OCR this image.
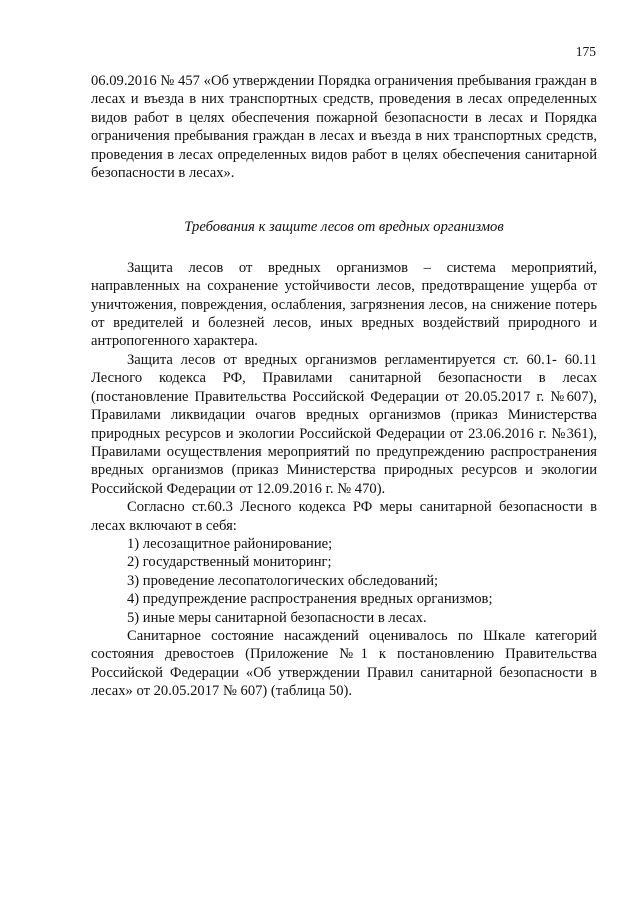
175

06.09.2016 № 457 «Об утверждении Порядка ограничения пребывания граждан в лесах и въезда в них транспортных средств, проведения в лесах определенных видов работ в целях обеспечения пожарной безопасности в лесах и Порядка ограничения пребывания граждан в лесах и въезда в них транспортных средств, проведения в лесах определенных видов работ в целях обеспечения санитарной безопасности в лесах».

Требования к защите лесов от вредных организмов

Защита лесов от вредных организмов – система мероприятий, направленных на сохранение устойчивости лесов, предотвращение ущерба от уничтожения, повреждения, ослабления, загрязнения лесов, на снижение потерь от вредителей и болезней лесов, иных вредных воздействий природного и антропогенного характера.

Защита лесов от вредных организмов регламентируется ст. 60.1- 60.11 Лесного кодекса РФ, Правилами санитарной безопасности в лесах (постановление Правительства Российской Федерации от 20.05.2017 г. №607), Правилами ликвидации очагов вредных организмов (приказ Министерства природных ресурсов и экологии Российской Федерации от 23.06.2016 г. №361), Правилами осуществления мероприятий по предупреждению распространения вредных организмов (приказ Министерства природных ресурсов и экологии Российской Федерации от 12.09.2016 г. № 470).

Согласно ст.60.3 Лесного кодекса РФ меры санитарной безопасности в лесах включают в себя:

1) лесозащитное районирование;
2) государственный мониторинг;
3) проведение лесопатологических обследований;
4) предупреждение распространения вредных организмов;
5) иные меры санитарной безопасности в лесах.

Санитарное состояние насаждений оценивалось по Шкале категорий состояния древостоев (Приложение №1 к постановлению Правительства Российской Федерации «Об утверждении Правил санитарной безопасности в лесах» от 20.05.2017 № 607) (таблица 50).
